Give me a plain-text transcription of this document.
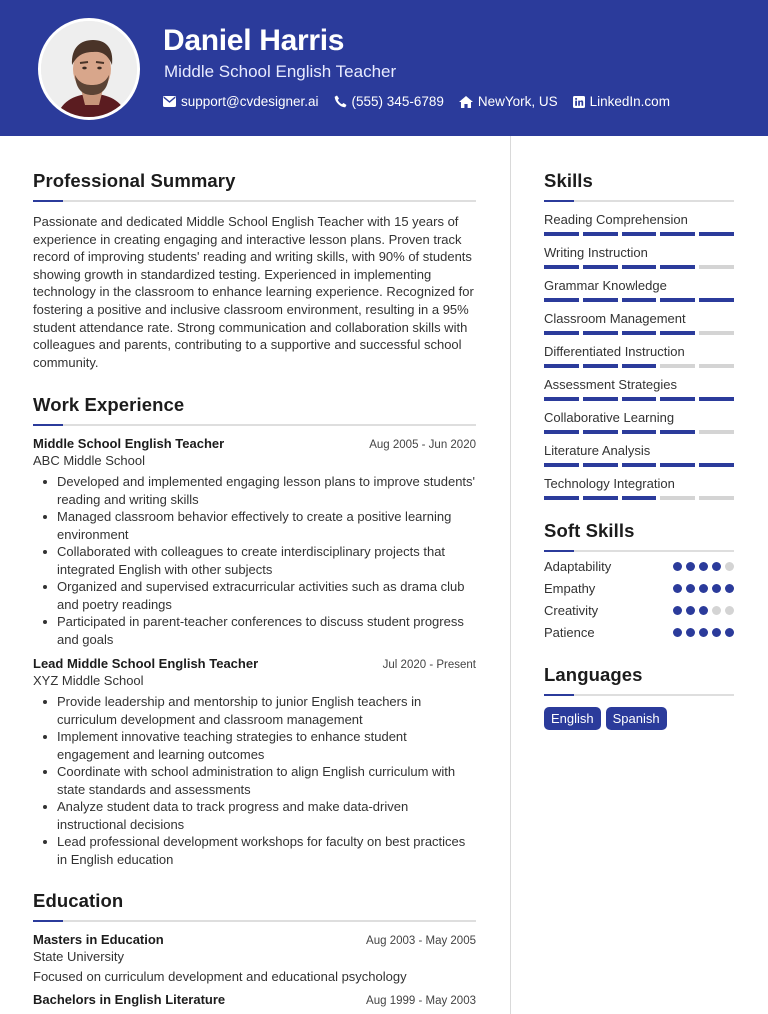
Daniel Harris
Middle School English Teacher
support@cvdesigner.ai (555) 345-6789	NewYork, US LinkedIn.com
Professional Summary

Passionate and dedicated Middle School English Teacher with 15 years of experience in creating engaging and interactive lesson plans. Proven track record of improving students' reading and writing skills, with 90% of students showing growth in standardized testing. Experienced in implementing technology in the classroom to enhance learning experience. Recognized for fostering a positive and inclusive classroom environment, resulting in a 95% student attendance rate. Strong communication and collaboration skills with colleagues and parents, contributing to a supportive and successful school community.

Work Experience
Middle School English Teacher	Aug 2005 - Jun 2020
ABC Middle School
Developed and implemented engaging lesson plans to improve students' reading and writing skills
Managed classroom behavior effectively to create a positive learning environment
Collaborated with colleagues to create interdisciplinary projects that integrated English with other subjects
Organized and supervised extracurricular activities such as drama club and poetry readings
Participated in parent-teacher conferences to discuss student progress and goals
Lead Middle School English Teacher	Jul 2020 - Present
XYZ Middle School
Provide leadership and mentorship to junior English teachers in curriculum development and classroom management
Implement innovative teaching strategies to enhance student engagement and learning outcomes
Coordinate with school administration to align English curriculum with state standards and assessments
Analyze student data to track progress and make data-driven instructional decisions
Lead professional development workshops for faculty on best practices in English education
Education
Masters in Education	Aug 2003 - May 2005
State University
Focused on curriculum development and educational psychology
Bachelors in English Literature	Aug 1999 - May 2003
Skills
Reading Comprehension
Writing Instruction
Grammar Knowledge
Classroom Management
Differentiated Instruction
Assessment Strategies
Collaborative Learning
Literature Analysis
Technology Integration
Soft Skills
Adaptability
Empathy
Creativity
Patience
Languages
English	Spanish
